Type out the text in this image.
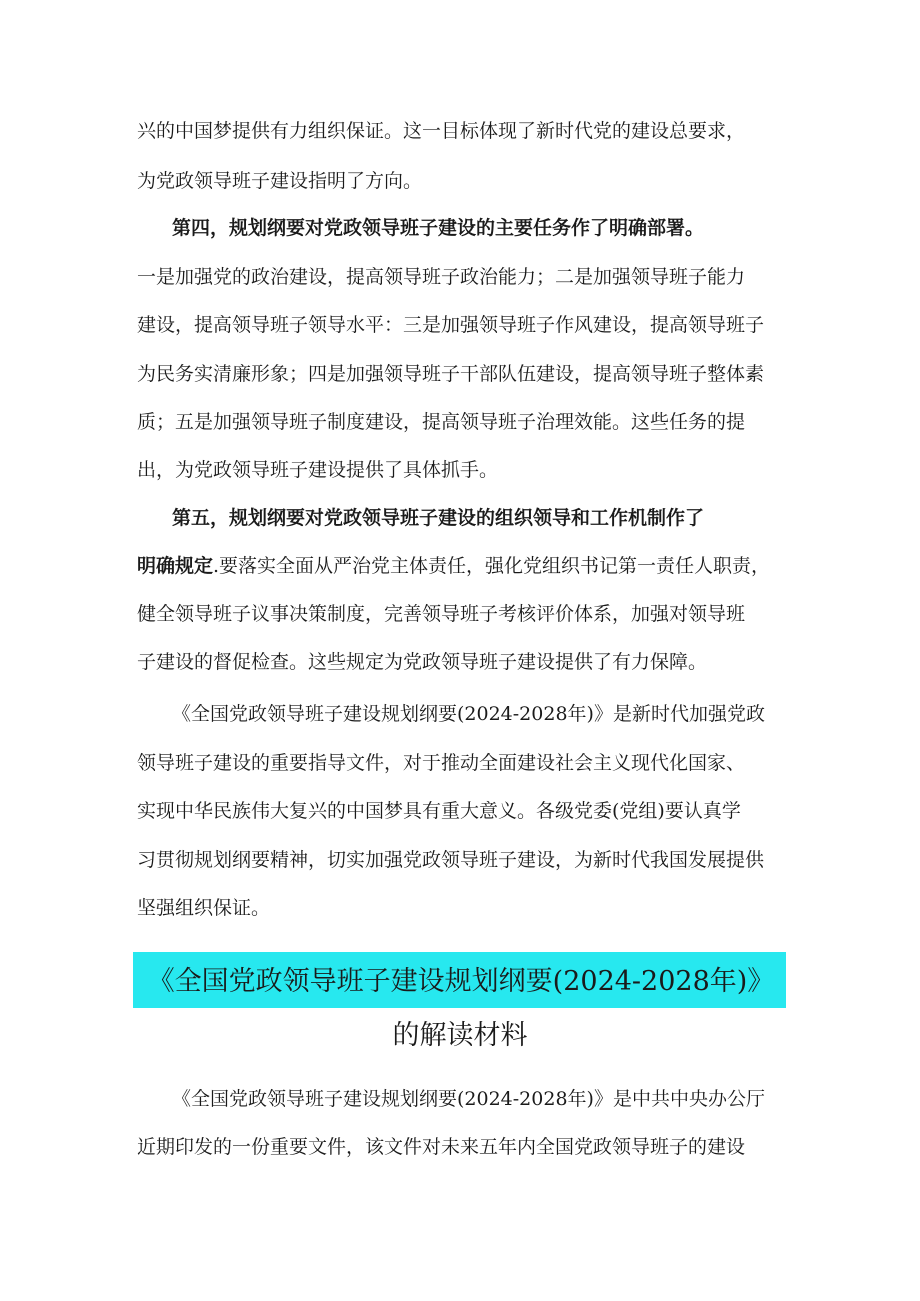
兴的中国梦提供有力组织保证。这一目标体现了新时代党的建设总要求，
为党政领导班子建设指明了方向。
第四，规划纲要对党政领导班子建设的主要任务作了明确部署。
一是加强党的政治建设，提高领导班子政治能力；二是加强领导班子能力
建设，提高领导班子领导水平：三是加强领导班子作风建设，提高领导班子
为民务实清廉形象；四是加强领导班子干部队伍建设，提高领导班子整体素
质；五是加强领导班子制度建设，提高领导班子治理效能。这些任务的提
出，为党政领导班子建设提供了具体抓手。
第五，规划纲要对党政领导班子建设的组织领导和工作机制作了
明确规定.要落实全面从严治党主体责任，强化党组织书记第一责任人职责，
健全领导班子议事决策制度，完善领导班子考核评价体系，加强对领导班
子建设的督促检查。这些规定为党政领导班子建设提供了有力保障。
《全国党政领导班子建设规划纲要(2024-2028年)》是新时代加强党政
领导班子建设的重要指导文件，对于推动全面建设社会主义现代化国家、
实现中华民族伟大复兴的中国梦具有重大意义。各级党委(党组)要认真学
习贯彻规划纲要精神，切实加强党政领导班子建设，为新时代我国发展提供
坚强组织保证。
《全国党政领导班子建设规划纲要(2024-2028年)》
的解读材料
《全国党政领导班子建设规划纲要(2024-2028年)》是中共中央办公厅
近期印发的一份重要文件，该文件对未来五年内全国党政领导班子的建设
